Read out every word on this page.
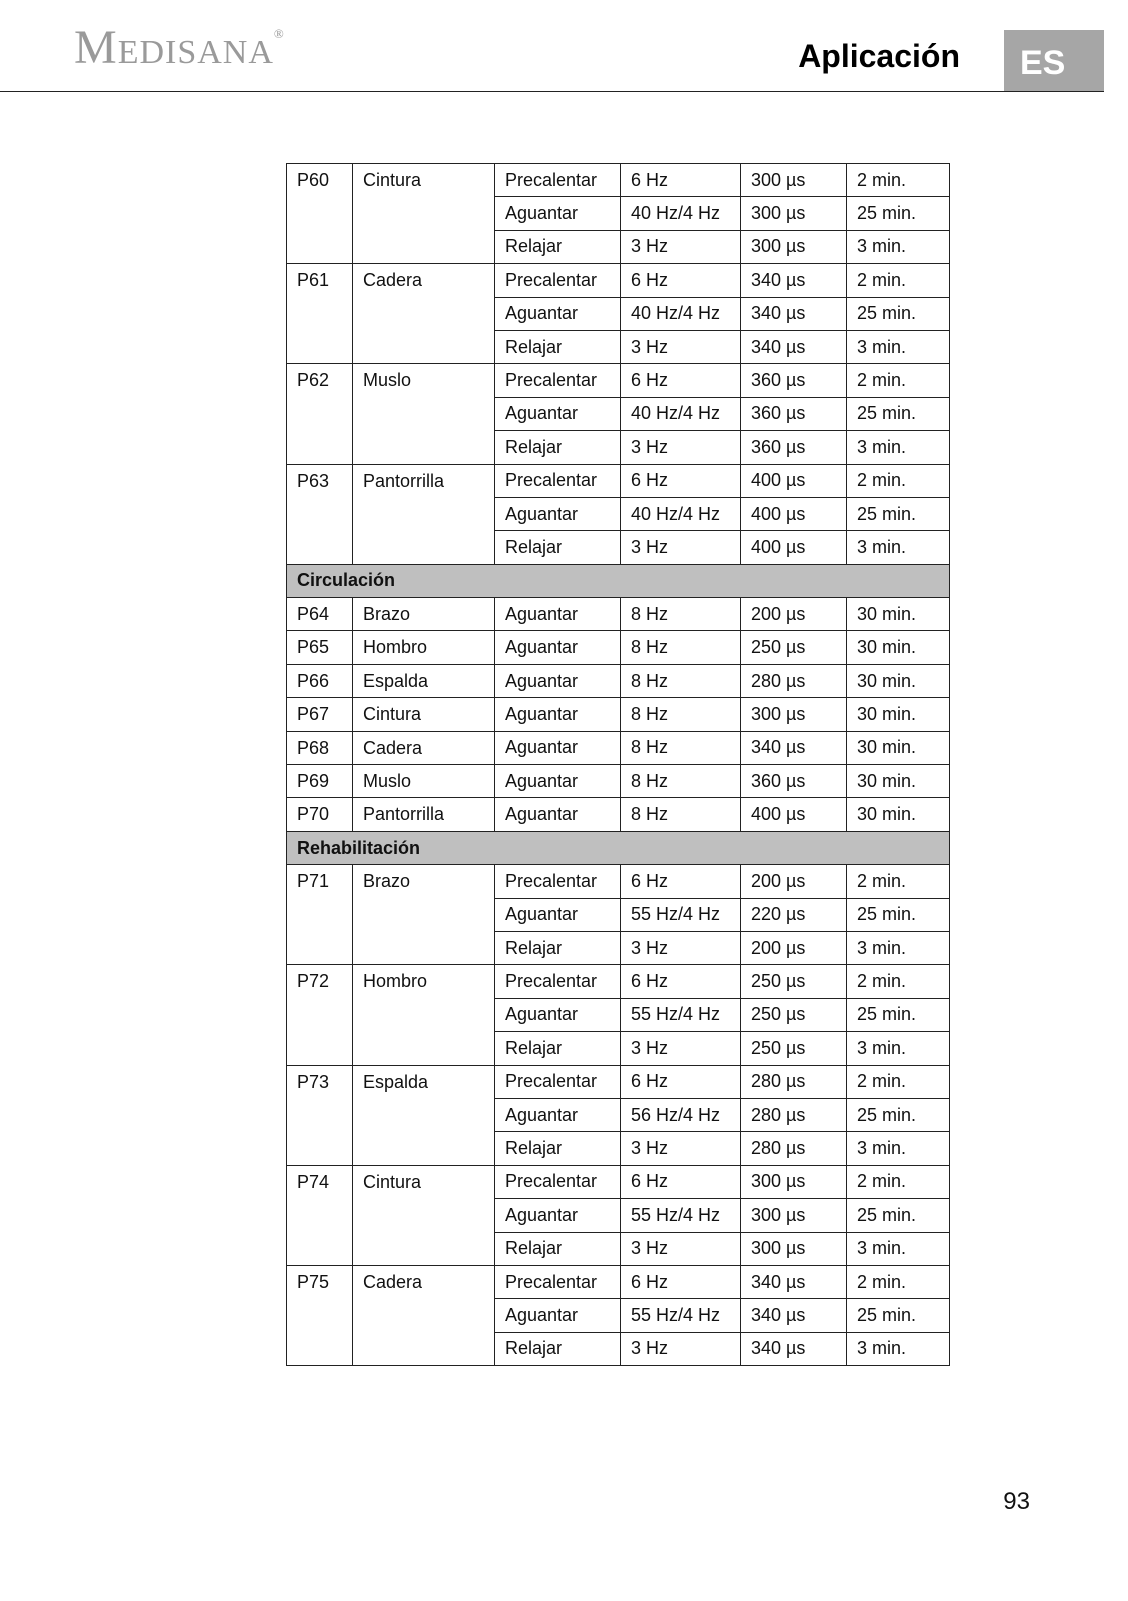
MEDISANA®
Aplicación	ES
P60	Cintura	Precalentar	6 Hz	300 µs	2 min.
		Aguantar	40 Hz/4 Hz	300 µs	25 min.
		Relajar	3 Hz	300 µs	3 min.
P61	Cadera	Precalentar	6 Hz	340 µs	2 min.
		Aguantar	40 Hz/4 Hz	340 µs	25 min.
		Relajar	3 Hz	340 µs	3 min.
P62	Muslo	Precalentar	6 Hz	360 µs	2 min.
		Aguantar	40 Hz/4 Hz	360 µs	25 min.
		Relajar	3 Hz	360 µs	3 min.
P63	Pantorrilla	Precalentar	6 Hz	400 µs	2 min.
		Aguantar	40 Hz/4 Hz	400 µs	25 min.
		Relajar	3 Hz	400 µs	3 min.
Circulación					
P64	Brazo	Aguantar	8 Hz	200 µs	30 min.
P65	Hombro	Aguantar	8 Hz	250 µs	30 min.
P66	Espalda	Aguantar	8 Hz	280 µs	30 min.
P67	Cintura	Aguantar	8 Hz	300 µs	30 min.
P68	Cadera	Aguantar	8 Hz	340 µs	30 min.
P69	Muslo	Aguantar	8 Hz	360 µs	30 min.
P70	Pantorrilla	Aguantar	8 Hz	400 µs	30 min.
Rehabilitación					
P71	Brazo	Precalentar	6 Hz	200 µs	2 min.
		Aguantar	55 Hz/4 Hz	220 µs	25 min.
		Relajar	3 Hz	200 µs	3 min.
P72	Hombro	Precalentar	6 Hz	250 µs	2 min.
		Aguantar	55 Hz/4 Hz	250 µs	25 min.
		Relajar	3 Hz	250 µs	3 min.
P73	Espalda	Precalentar	6 Hz	280 µs	2 min.
		Aguantar	56 Hz/4 Hz	280 µs	25 min.
		Relajar	3 Hz	280 µs	3 min.
P74	Cintura	Precalentar	6 Hz	300 µs	2 min.
		Aguantar	55 Hz/4 Hz	300 µs	25 min.
		Relajar	3 Hz	300 µs	3 min.
P75	Cadera	Precalentar	6 Hz	340 µs	2 min.
		Aguantar	55 Hz/4 Hz	340 µs	25 min.
		Relajar	3 Hz	340 µs	3 min.
93
